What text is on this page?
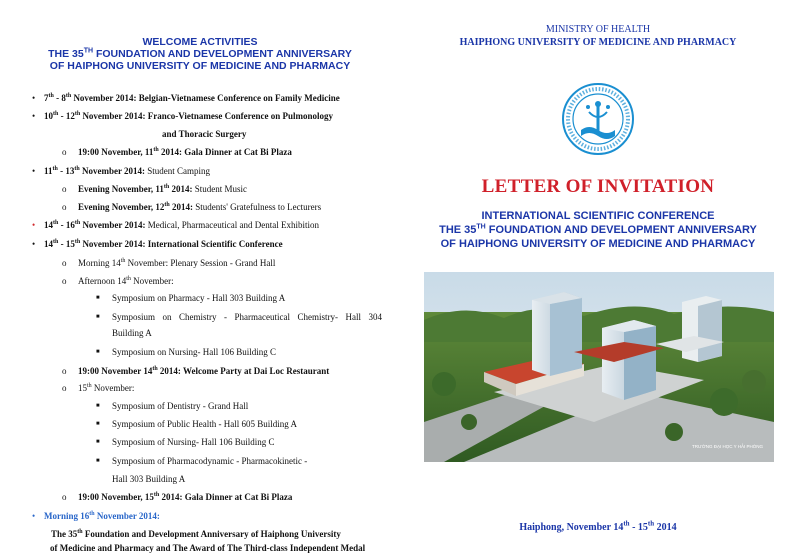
WELCOME ACTIVITIES
THE 35TH FOUNDATION AND DEVELOPMENT ANNIVERSARY
OF HAIPHONG UNIVERSITY OF MEDICINE AND PHARMACY
• 7th - 8th November 2014: Belgian-Vietnamese Conference on Family Medicine
• 10th - 12th November 2014: Franco-Vietnamese Conference on Pulmonology
and Thoracic Surgery
o 19:00 November, 11th 2014: Gala Dinner at Cat Bi Plaza
• 11th - 13th November 2014: Student Camping
o Evening November, 11th 2014: Student Music
o Evening November, 12th 2014: Students' Gratefulness to Lecturers
• 14th - 16th November 2014: Medical, Pharmaceutical and Dental Exhibition
• 14th - 15th November 2014: International Scientific Conference
o Morning 14th November: Plenary Session - Grand Hall
o Afternoon 14th November:
■ Symposium on Pharmacy - Hall 303 Building A
■ Symposium on Chemistry - Pharmaceutical Chemistry- Hall 304
Building A
■ Symposium on Nursing- Hall 106 Building C
o 19:00 November 14th 2014: Welcome Party at Dai Loc Restaurant
o 15th November:
■ Symposium of Dentistry - Grand Hall
■ Symposium of Public Health - Hall 605 Building A
■ Symposium of Nursing- Hall 106 Building C
■ Symposium of Pharmacodynamic - Pharmacokinetic -
Hall 303 Building A
o 19:00 November, 15th 2014: Gala Dinner at Cat Bi Plaza
• Morning 16th November 2014:
The 35th Foundation and Development Anniversary of Haiphong University
of Medicine and Pharmacy and The Award of The Third-class Independent Medal
MINISTRY OF HEALTH
HAIPHONG UNIVERSITY OF MEDICINE AND PHARMACY
LETTER OF INVITATION
INTERNATIONAL SCIENTIFIC CONFERENCE
THE 35TH FOUNDATION AND DEVELOPMENT ANNIVERSARY
OF HAIPHONG UNIVERSITY OF MEDICINE AND PHARMACY
TRƯỜNG ĐẠI HỌC Y HẢI PHÒNG
Haiphong, November 14th - 15th 2014
